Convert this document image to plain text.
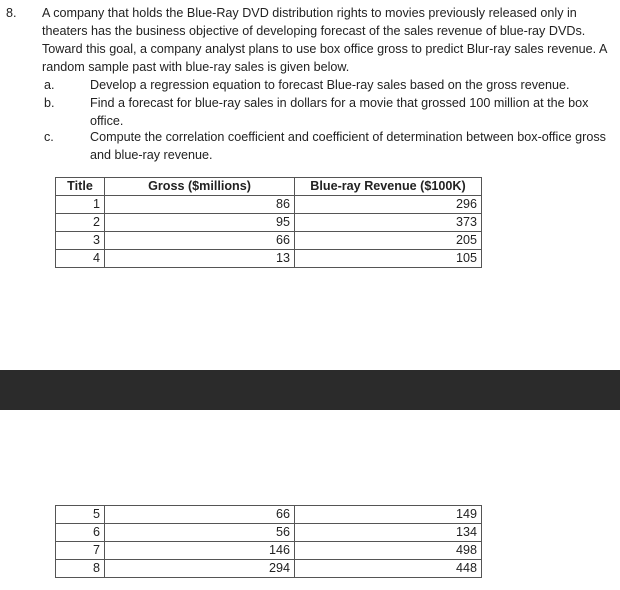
8. A company that holds the Blue-Ray DVD distribution rights to movies previously released only in theaters has the business objective of developing forecast of the sales revenue of blue-ray DVDs. Toward this goal, a company analyst plans to use box office gross to predict Blur-ray sales revenue. A random sample past with blue-ray sales is given below.

a.	Develop a regression equation to forecast Blue-ray sales based on the gross revenue.
b.	Find a forecast for blue-ray sales in dollars for a movie that grossed 100 million at the box office.
c.	Compute the correlation coefficient and coefficient of determination between box-office gross and blue-ray revenue.
Title	Gross ($millions)	Blue-ray Revenue ($100K)
1	86	296
2	95	373
3	66	205
4	13	105
5	66	149
6	56	134
7	146	498
8	294	448
